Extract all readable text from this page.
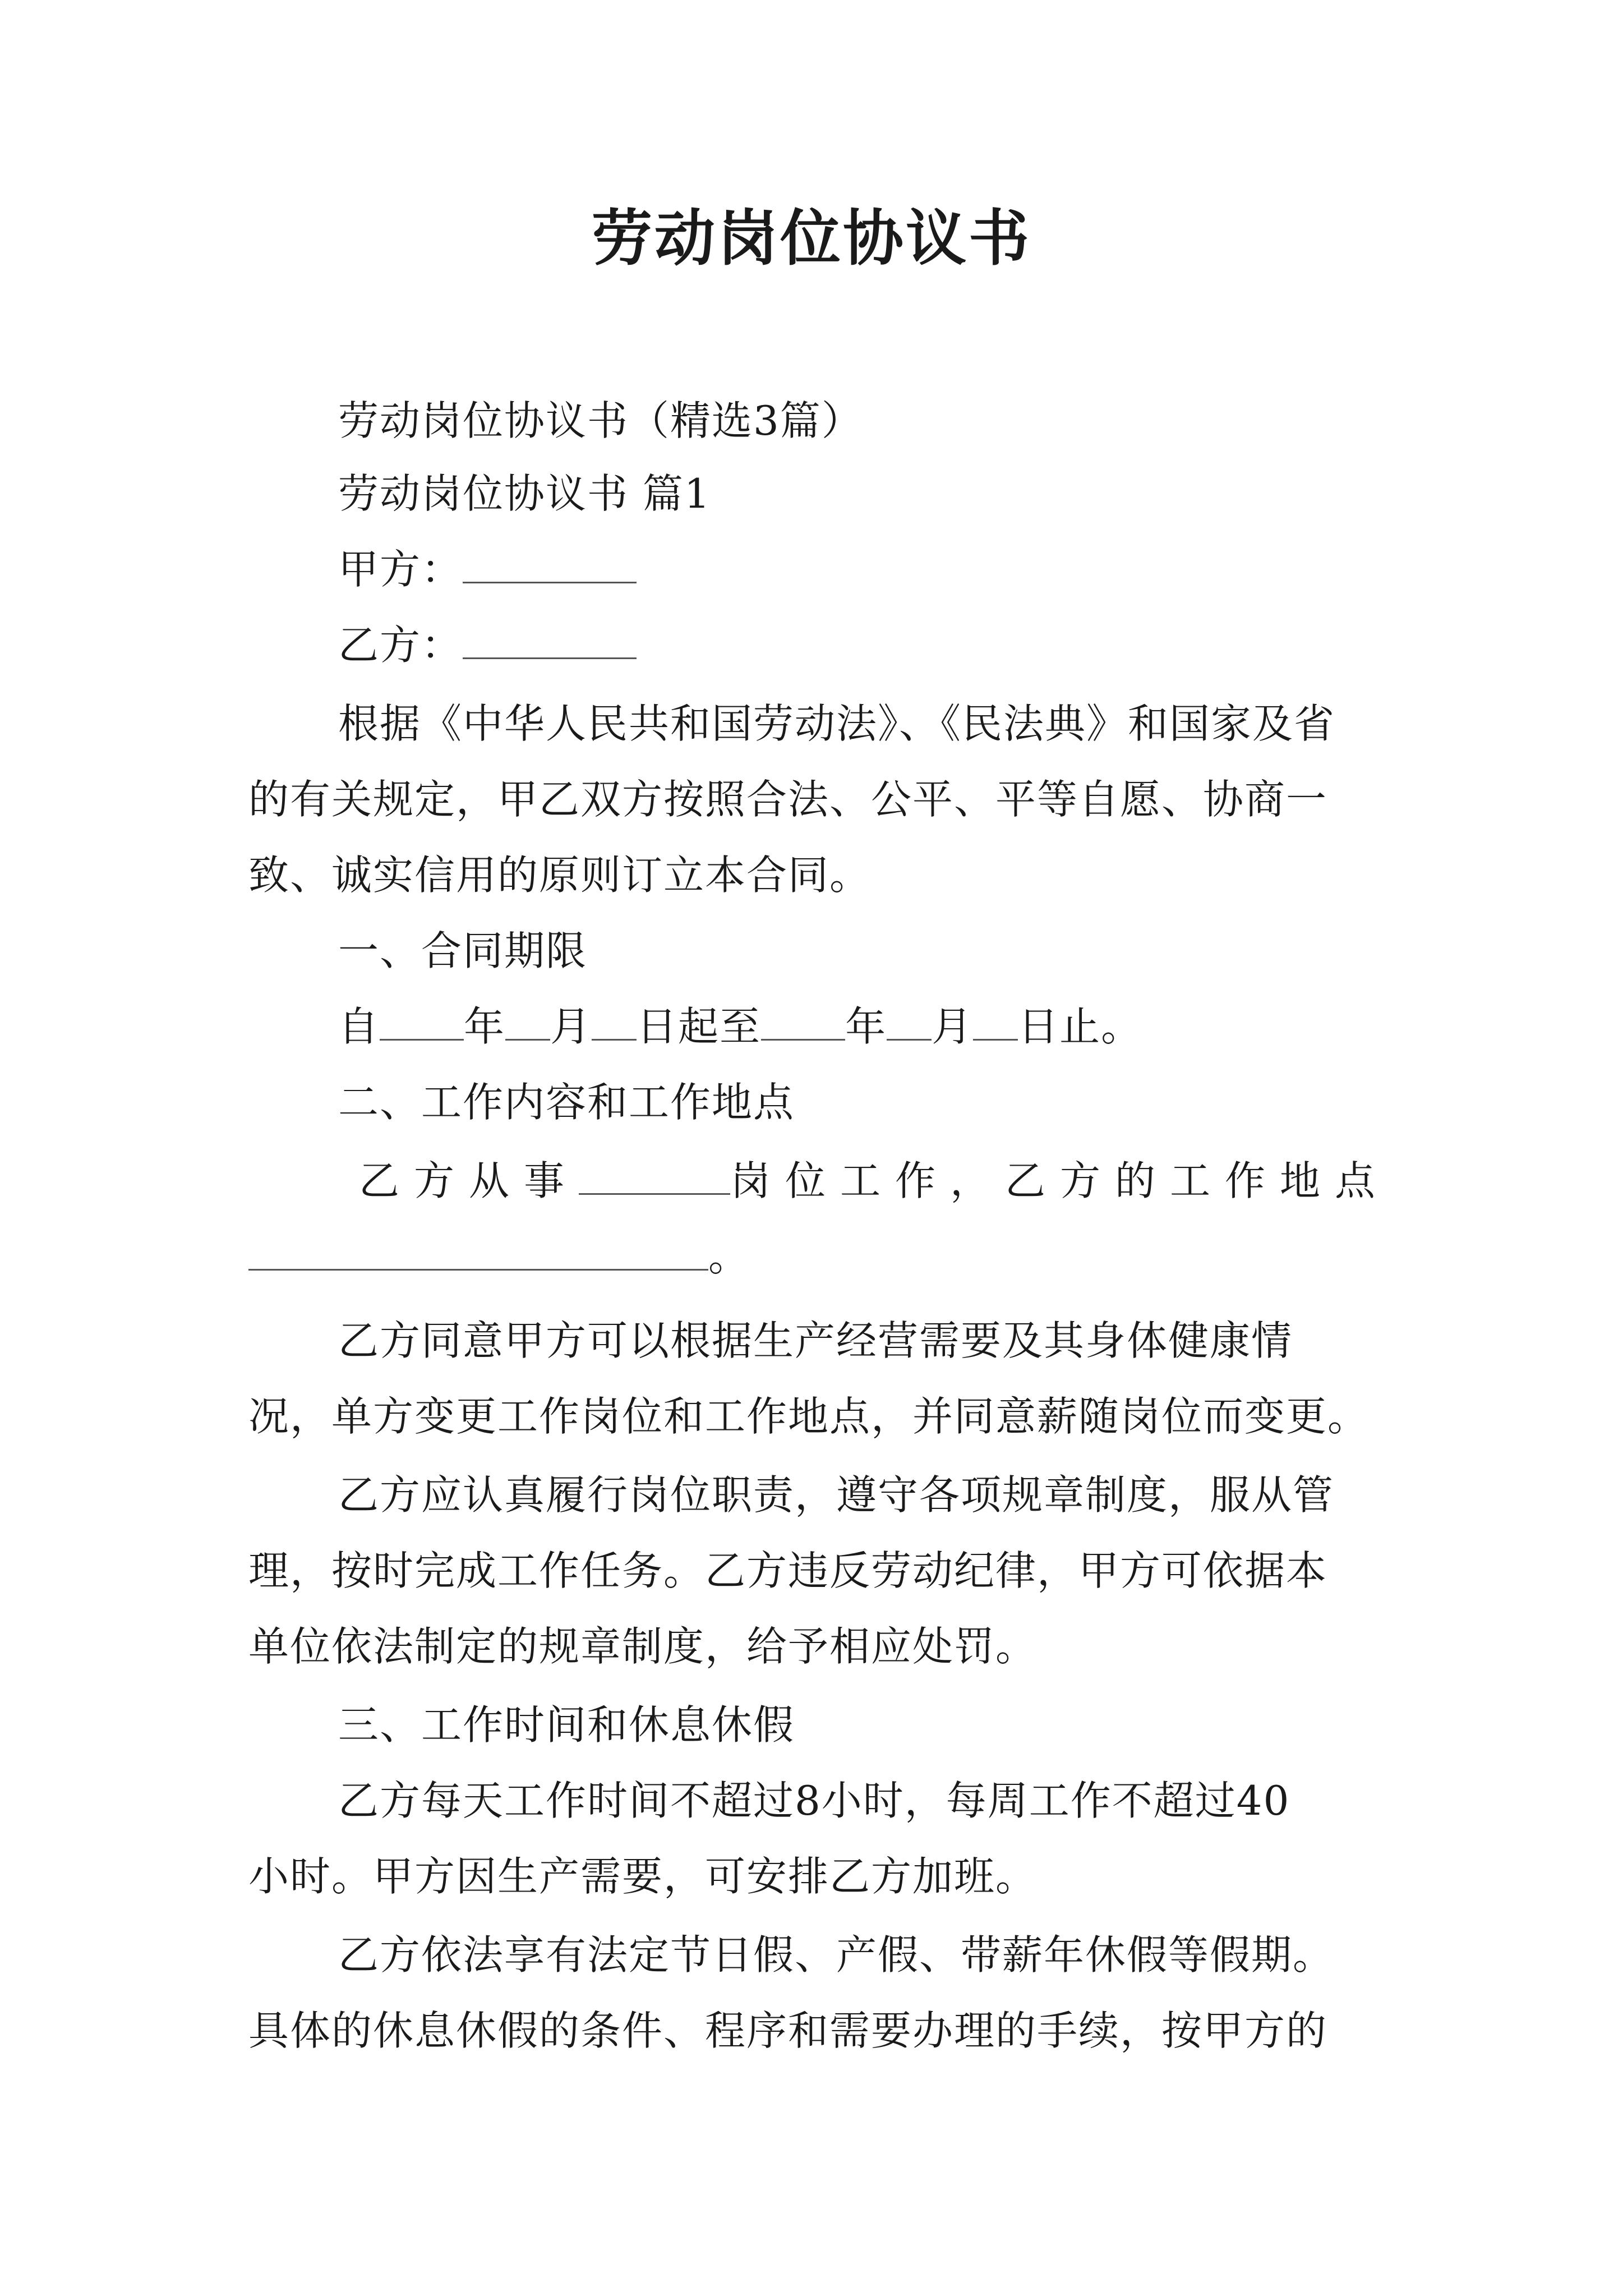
劳动岗位协议书
劳动岗位协议书（精选3篇）
劳动岗位协议书 篇1
甲方：
乙方：
根据《中华人民共和国劳动法》、《民法典》和国家及省
的有关规定，甲乙双方按照合法、公平、平等自愿、协商一
致、诚实信用的原则订立本合同。
一、合同期限
自 年 月 日起至 年 月 日止。
二、工作内容和工作地点
乙方从事	岗位工作，乙方的工作地点
。
乙方同意甲方可以根据生产经营需要及其身体健康情
况，单方变更工作岗位和工作地点，并同意薪随岗位而变更。
乙方应认真履行岗位职责，遵守各项规章制度，服从管
理，按时完成工作任务。乙方违反劳动纪律，甲方可依据本
单位依法制定的规章制度，给予相应处罚。
三、工作时间和休息休假
乙方每天工作时间不超过8小时，每周工作不超过40
小时。甲方因生产需要，可安排乙方加班。
乙方依法享有法定节日假、产假、带薪年休假等假期。
具体的休息休假的条件、程序和需要办理的手续，按甲方的
